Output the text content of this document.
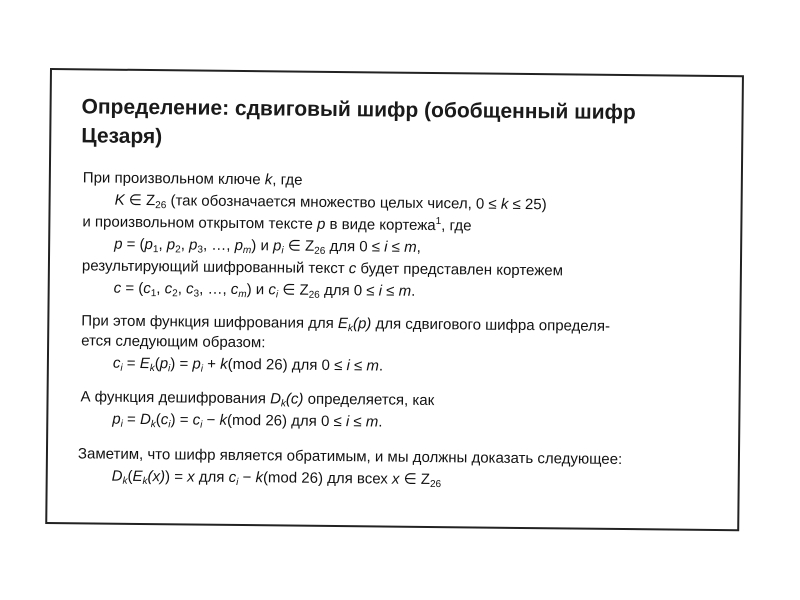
Определение: сдвиговый шифр (обобщенный шифр Цезаря)
При произвольном ключе k, где
K ∈ $Z_{26}$ (так обозначается множество целых чисел, 0 ≤ k ≤ 25)
и произвольном открытом тексте p в виде кортежа$^1$, где
$p = (p_1$, $p_2$, $p_3$, …, $p_m$) и $p_i$ ∈ $Z_{26}$ для 0 ≤ i ≤ m,
результирующий шифрованный текст c будет представлен кортежем
$c = (c_1$, $c_2$, $c_3$, …, $c_m$) и $c_i$ ∈ $Z_{26}$ для 0 ≤ i ≤ m.
При этом функция шифрования для $E_k(p)$ для сдвигового шифра определя-
ется следующим образом:
$c_i = E_k(p_i) = p_i + k(mod$ 26) для 0 ≤ i ≤ m.
А функция дешифрования $D_k(c)$ определяется, как
$p_i = D_k(c_i) = c_i - k(mod$ 26) для 0 ≤ i ≤ m.
Заметим, что шифр является обратимым, и мы должны доказать следующее:
$D_k(E_k(x)) = x$ для $c_i - k(mod$ 26) для всех x ∈ $Z_{26}$
